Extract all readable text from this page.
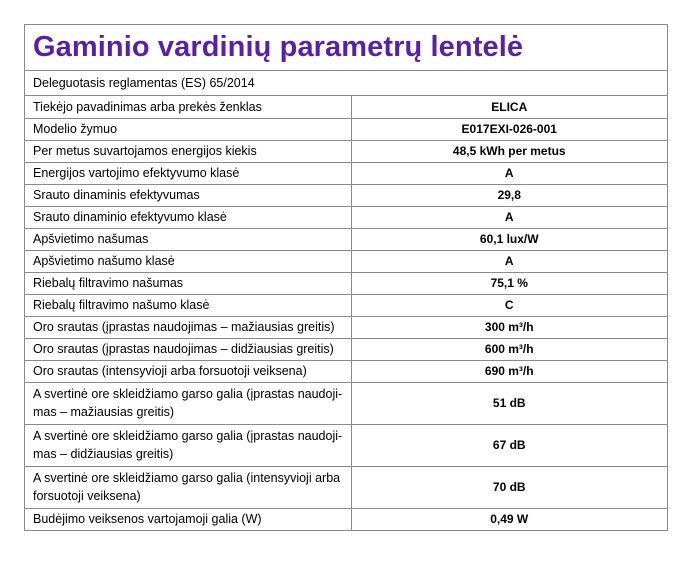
Gaminio vardinių parametrų lentelė
Deleguotasis reglamentas (ES) 65/2014
Tiekėjo pavadinimas arba prekės ženklas	ELICA
Modelio žymuo	E017EXI-026-001
Per metus suvartojamos energijos kiekis	48,5 kWh per metus
Energijos vartojimo efektyvumo klasė	A
Srauto dinaminis efektyvumas	29,8
Srauto dinaminio efektyvumo klasė	A
Apšvietimo našumas	60,1 lux/W
Apšvietimo našumo klasė	A
Riebalų filtravimo našumas	75,1 %
Riebalų filtravimo našumo klasė	C
Oro srautas (įprastas naudojimas – mažiausias greitis)	300 m³/h
Oro srautas (įprastas naudojimas – didžiausias greitis)	600 m³/h
Oro srautas (intensyvioji arba forsuotoji veiksena)	690 m³/h
A svertinė ore skleidžiamo garso galia (įprastas naudoji-
mas – mažiausias greitis)	51 dB
A svertinė ore skleidžiamo garso galia (įprastas naudoji-
mas – didžiausias greitis)	67 dB
A svertinė ore skleidžiamo garso galia (intensyvioji arba
forsuotoji veiksena)	70 dB
Budėjimo veiksenos vartojamoji galia (W)	0,49 W
